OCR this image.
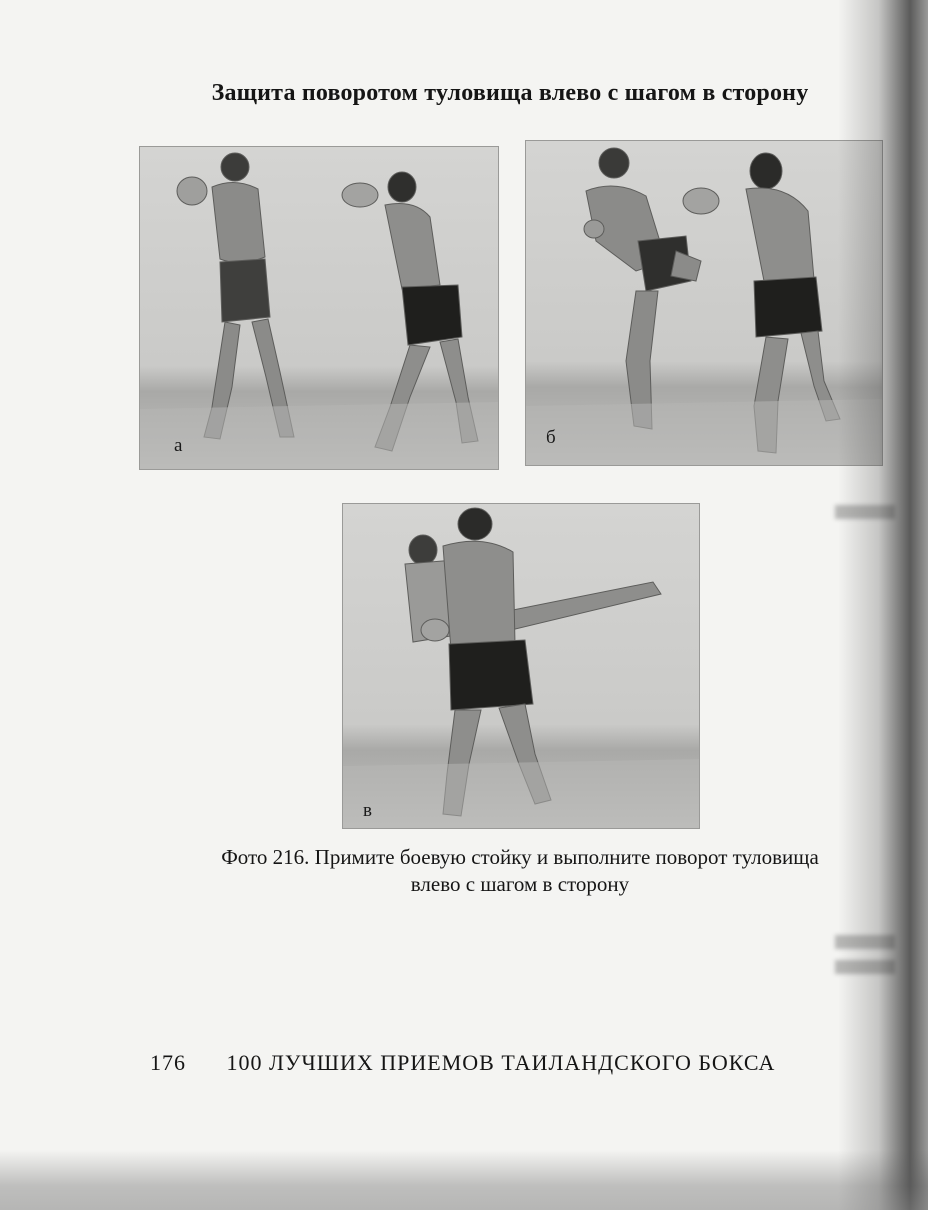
Защита поворотом туловища влево с шагом в сторону
а	б
в

Фото 216. Примите боевую стойку и выполните поворот туловища
влево с шагом в сторону

176 100 ЛУЧШИХ ПРИЕМОВ ТАИЛАНДСКОГО БОКСА
